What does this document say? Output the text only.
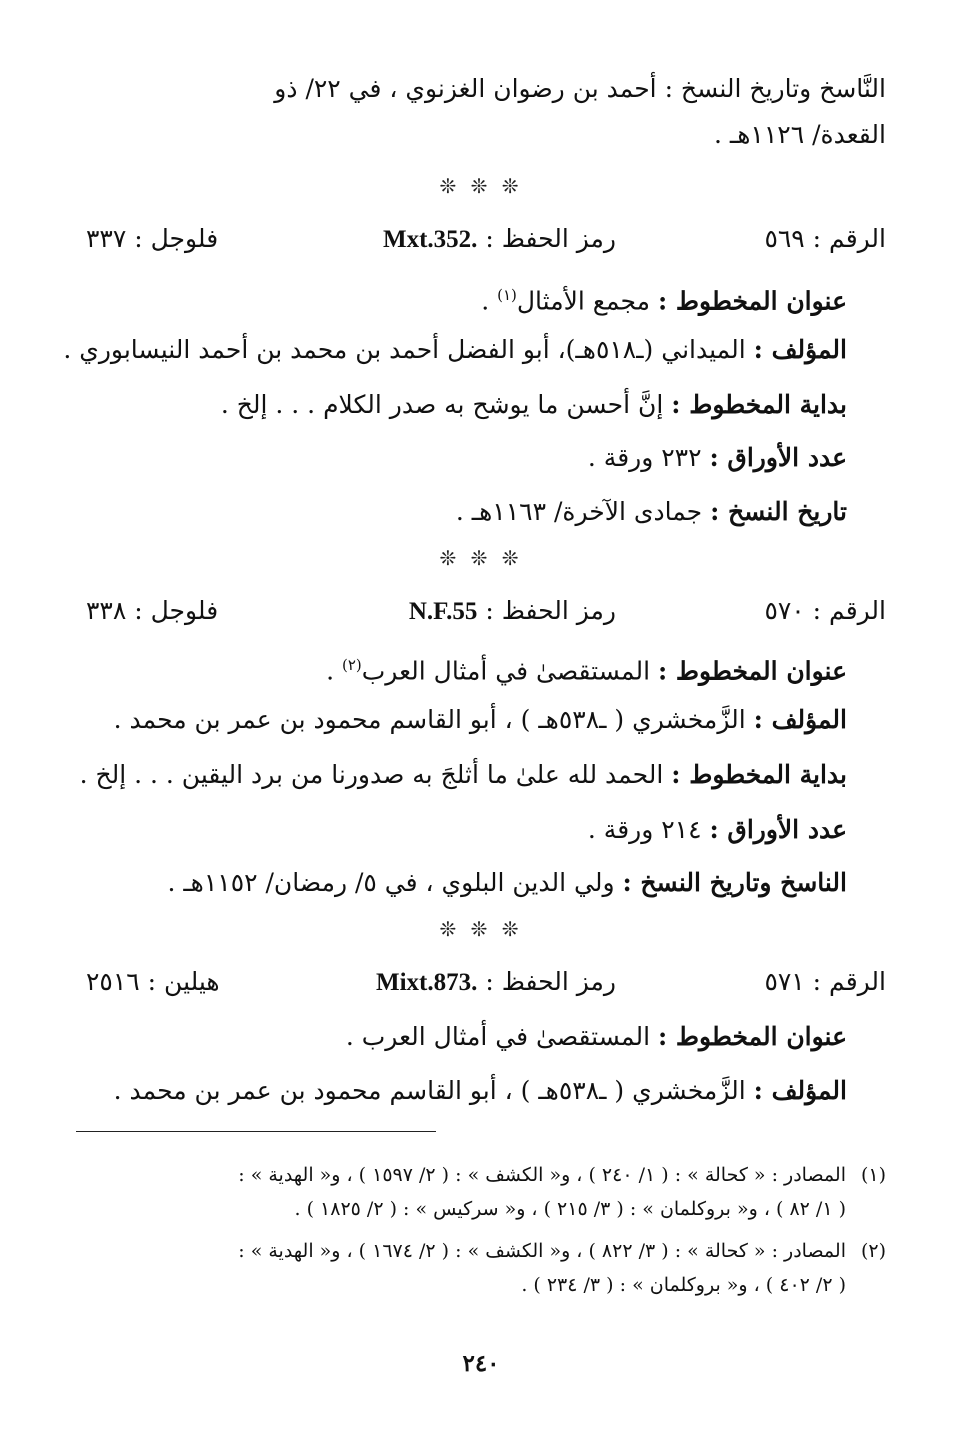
النَّاسخ وتاريخ النسخ : أحمد بن رضوان الغزنوي ، في ٢٢/ ذو
القعدة/ ١١٢٦هـ .
❊ ❊ ❊
الرقم : ٥٦٩
رمز الحفظ : Mxt.352.
فلوجل : ٣٣٧
عنوان المخطوط : مجمع الأمثال$^{(١)}$ .
المؤلف : الميداني (ـ٥١٨هـ)، أبو الفضل أحمد بن محمد بن أحمد النيسابوري .
بداية المخطوط : إنَّ أحسن ما يوشح به صدر الكلام . . . إلخ .
عدد الأوراق : ٢٣٢ ورقة .
تاريخ النسخ : جمادى الآخرة/ ١١٦٣هـ .
❊ ❊ ❊
الرقم : ٥٧٠
رمز الحفظ : N.F.55
فلوجل : ٣٣٨
عنوان المخطوط : المستقصىٰ في أمثال العرب$^{(٢)}$ .
المؤلف : الزَّمخشري ( ـ٥٣٨هـ ) ، أبو القاسم محمود بن عمر بن محمد .
بداية المخطوط : الحمد لله علىٰ ما أثلجَ به صدورنا من برد اليقين . . . إلخ .
عدد الأوراق : ٢١٤ ورقة .
الناسخ وتاريخ النسخ : ولي الدين البلوي ، في ٥/ رمضان/ ١١٥٢هـ .
❊ ❊ ❊
الرقم : ٥٧١
رمز الحفظ : Mixt.873.
هيلين : ٢٥١٦
عنوان المخطوط : المستقصىٰ في أمثال العرب .
المؤلف : الزَّمخشري ( ـ٥٣٨هـ ) ، أبو القاسم محمود بن عمر بن محمد .
(١)المصادر : « كحالة » : ( ١/ ٢٤٠ ) ، و« الكشف » : ( ٢/ ١٥٩٧ ) ، و« الهدية » :
( ١/ ٨٢ ) ، و« بروكلمان » : ( ٣/ ٢١٥ ) ، و« سركيس » : ( ٢/ ١٨٢٥ ) .
(٢)المصادر : « كحالة » : ( ٣/ ٨٢٢ ) ، و« الكشف » : ( ٢/ ١٦٧٤ ) ، و« الهدية » :
( ٢/ ٤٠٢ ) ، و« بروكلمان » : ( ٣/ ٢٣٤ ) .
٢٤٠
